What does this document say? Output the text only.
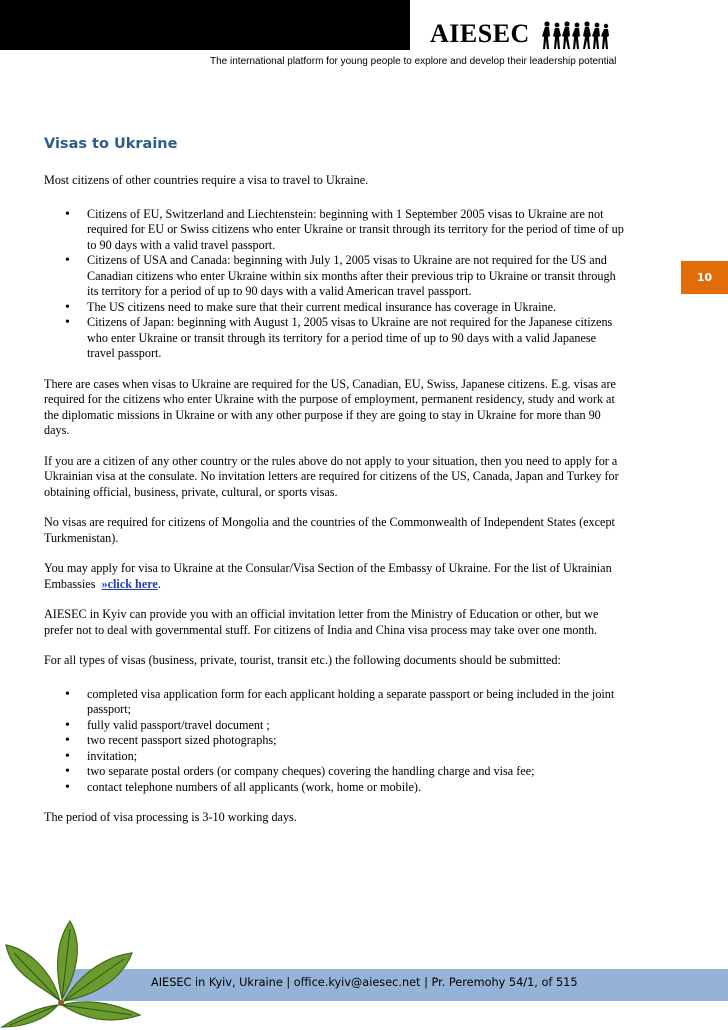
AIESEC
The international platform for young people to explore and develop their leadership potential
10
Visas to Ukraine

Most citizens of other countries require a visa to travel to Ukraine.

• Citizens of EU, Switzerland and Liechtenstein: beginning with 1 September 2005 visas to Ukraine are not required for EU or Swiss citizens who enter Ukraine or transit through its territory for the period of time of up to 90 days with a valid travel passport.
• Citizens of USA and Canada: beginning with July 1, 2005 visas to Ukraine are not required for the US and Canadian citizens who enter Ukraine within six months after their previous trip to Ukraine or transit through its territory for a period of up to 90 days with a valid American travel passport.
• The US citizens need to make sure that their current medical insurance has coverage in Ukraine.
• Citizens of Japan: beginning with August 1, 2005 visas to Ukraine are not required for the Japanese citizens who enter Ukraine or transit through its territory for a period time of up to 90 days with a valid Japanese travel passport.

There are cases when visas to Ukraine are required for the US, Canadian, EU, Swiss, Japanese citizens. E.g. visas are required for the citizens who enter Ukraine with the purpose of employment, permanent residency, study and work at the diplomatic missions in Ukraine or with any other purpose if they are going to stay in Ukraine for more than 90 days.

If you are a citizen of any other country or the rules above do not apply to your situation, then you need to apply for a Ukrainian visa at the consulate. No invitation letters are required for citizens of the US, Canada, Japan and Turkey for obtaining official, business, private, cultural, or sports visas.

No visas are required for citizens of Mongolia and the countries of the Commonwealth of Independent States (except Turkmenistan).

You may apply for visa to Ukraine at the Consular/Visa Section of the Embassy of Ukraine. For the list of Ukrainian Embassies »click here.

AIESEC in Kyiv can provide you with an official invitation letter from the Ministry of Education or other, but we prefer not to deal with governmental stuff. For citizens of India and China visa process may take over one month.

For all types of visas (business, private, tourist, transit etc.) the following documents should be submitted:

• completed visa application form for each applicant holding a separate passport or being included in the joint passport;
• fully valid passport/travel document ;
• two recent passport sized photographs;
• invitation;
• two separate postal orders (or company cheques) covering the handling charge and visa fee;
• contact telephone numbers of all applicants (work, home or mobile).

The period of visa processing is 3-10 working days.

AIESEC in Kyiv, Ukraine | office.kyiv@aiesec.net | Pr. Peremohy 54/1, of 515
